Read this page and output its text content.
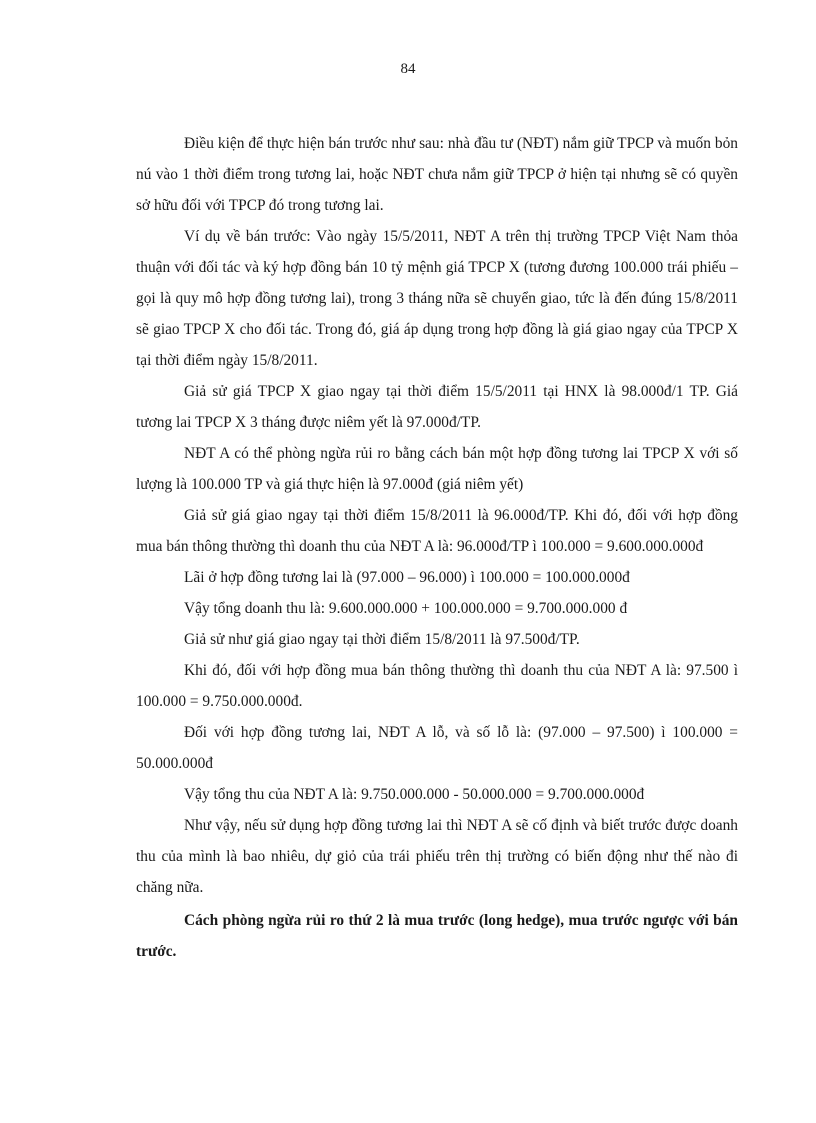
84

Điều kiện để thực hiện bán trước như sau: nhà đầu tư (NĐT) nắm giữ TPCP và muốn bỏn nú vào 1 thời điểm trong tương lai, hoặc NĐT chưa nắm giữ TPCP ở hiện tại nhưng sẽ có quyền sở hữu đối với TPCP đó trong tương lai.

Ví dụ về bán trước: Vào ngày 15/5/2011, NĐT A trên thị trường TPCP Việt Nam thỏa thuận với đối tác và ký hợp đồng bán 10 tỷ mệnh giá TPCP X (tương đương 100.000 trái phiếu – gọi là quy mô hợp đồng tương lai), trong 3 tháng nữa sẽ chuyển giao, tức là đến đúng 15/8/2011 sẽ giao TPCP X cho đối tác. Trong đó, giá áp dụng trong hợp đồng là giá giao ngay của TPCP X tại thời điểm ngày 15/8/2011.

Giả sử giá TPCP X giao ngay tại thời điểm 15/5/2011 tại HNX là 98.000đ/1 TP. Giá tương lai TPCP X 3 tháng được niêm yết là 97.000đ/TP.

NĐT A có thể phòng ngừa rủi ro bằng cách bán một hợp đồng tương lai TPCP X với số lượng là 100.000 TP và giá thực hiện là 97.000đ (giá niêm yết)

Giả sử giá giao ngay tại thời điểm 15/8/2011 là 96.000đ/TP. Khi đó, đối với hợp đồng mua bán thông thường thì doanh thu của NĐT A là: 96.000đ/TP ì 100.000 = 9.600.000.000đ

Lãi ở hợp đồng tương lai là (97.000 – 96.000) ì 100.000 = 100.000.000đ

Vậy tổng doanh thu là: 9.600.000.000 + 100.000.000 = 9.700.000.000 đ

Giả sử như giá giao ngay tại thời điểm 15/8/2011 là 97.500đ/TP.

Khi đó, đối với hợp đồng mua bán thông thường thì doanh thu của NĐT A là: 97.500 ì 100.000 = 9.750.000.000đ.

Đối với hợp đồng tương lai, NĐT A lỗ, và số lỗ là: (97.000 – 97.500) ì 100.000 = 50.000.000đ

Vậy tổng thu của NĐT A là: 9.750.000.000 - 50.000.000 = 9.700.000.000đ

Như vậy, nếu sử dụng hợp đồng tương lai thì NĐT A sẽ cố định và biết trước được doanh thu của mình là bao nhiêu, dự giỏ của trái phiếu trên thị trường có biến động như thế nào đi chăng nữa.

Cách phòng ngừa rủi ro thứ 2 là mua trước (long hedge), mua trước ngược với bán trước.
